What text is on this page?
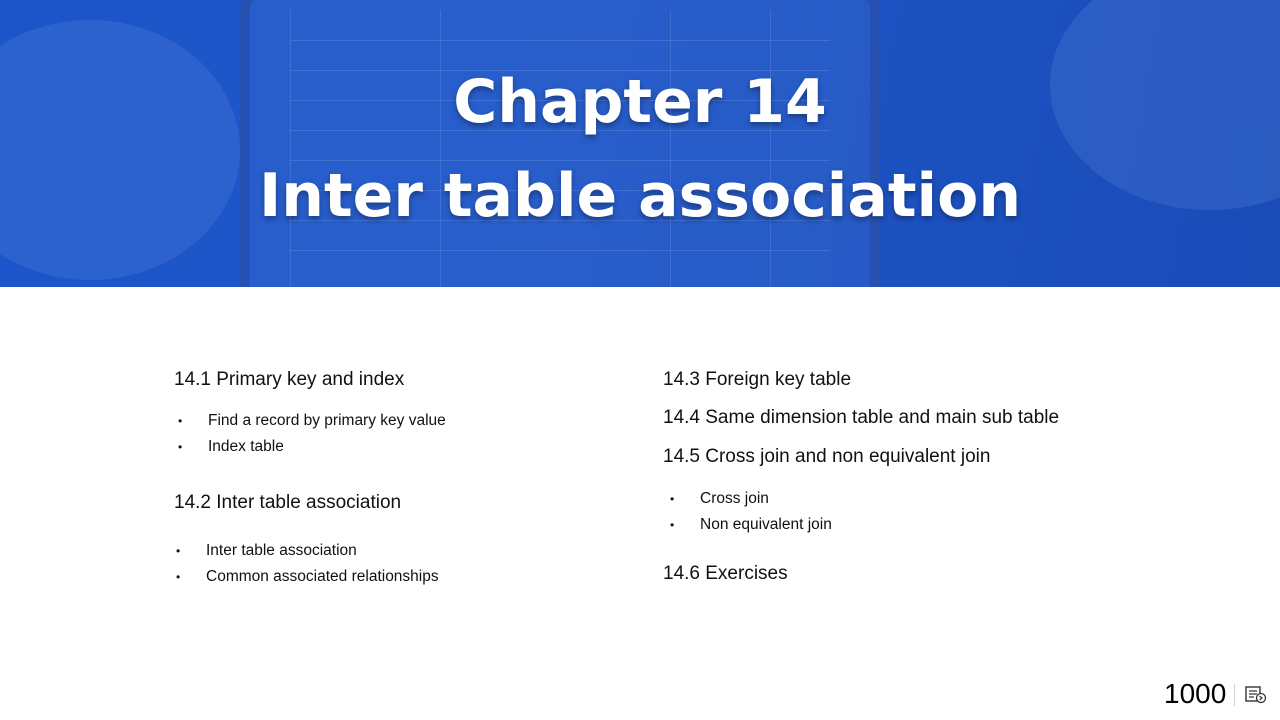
Chapter 14
Inter table association
14.1 Primary key and index
• Find a record by primary key value
• Index table
14.2 Inter table association
• Inter table association
• Common associated relationships
14.3 Foreign key table
14.4 Same dimension table and main sub table
14.5 Cross join and non equivalent join
• Cross join
• Non equivalent join
14.6 Exercises
1000
